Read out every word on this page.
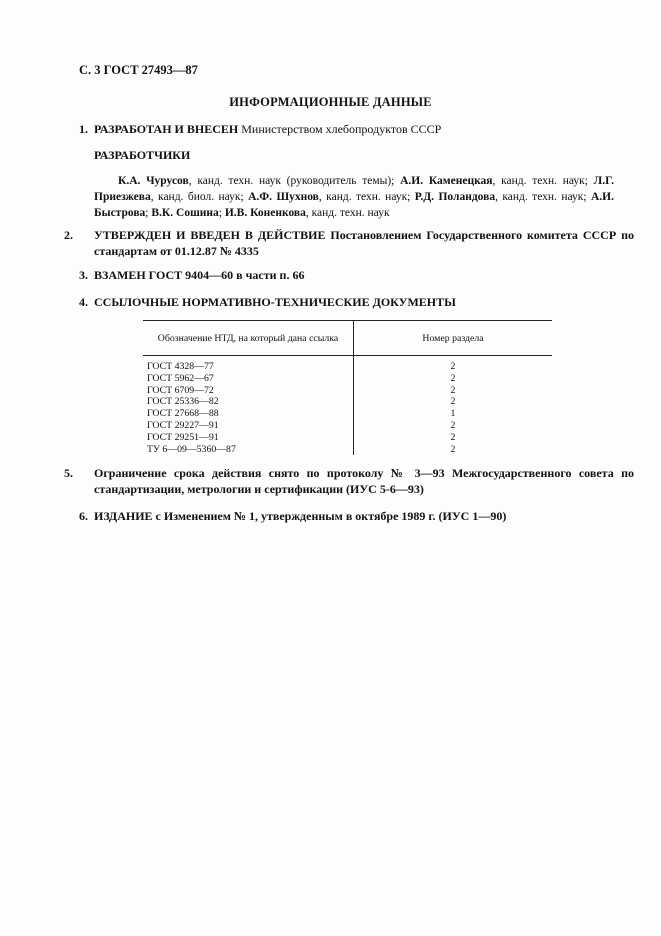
С. 3 ГОСТ 27493—87
ИНФОРМАЦИОННЫЕ ДАННЫЕ
1. РАЗРАБОТАН И ВНЕСЕН Министерством хлебопродуктов СССР
РАЗРАБОТЧИКИ
К.А. Чурусов, канд. техн. наук (руководитель темы); А.И. Каменецкая, канд. техн. наук; Л.Г. Приезжева, канд. биол. наук; А.Ф. Шухнов, канд. техн. наук; Р.Д. Поландова, канд. техн. наук; А.И. Быстрова; В.К. Сошина; И.В. Коненкова, канд. техн. наук
2. УТВЕРЖДЕН И ВВЕДЕН В ДЕЙСТВИЕ Постановлением Государственного комитета СССР по стандартам от 01.12.87 № 4335
3. ВЗАМЕН ГОСТ 9404—60 в части п. 66
4. ССЫЛОЧНЫЕ НОРМАТИВНО-ТЕХНИЧЕСКИЕ ДОКУМЕНТЫ
Обозначение НТД, на который дана ссылка	Номер раздела
ГОСТ 4328—77	2
ГОСТ 5962—67	2
ГОСТ 6709—72	2
ГОСТ 25336—82	2
ГОСТ 27668—88	1
ГОСТ 29227—91	2
ГОСТ 29251—91	2
ТУ 6—09—5360—87	2
5. Ограничение срока действия снято по протоколу № 3—93 Межгосударственного совета по стандартизации, метрологии и сертификации (ИУС 5-6—93)
6. ИЗДАНИЕ с Изменением № 1, утвержденным в октябре 1989 г. (ИУС 1—90)
